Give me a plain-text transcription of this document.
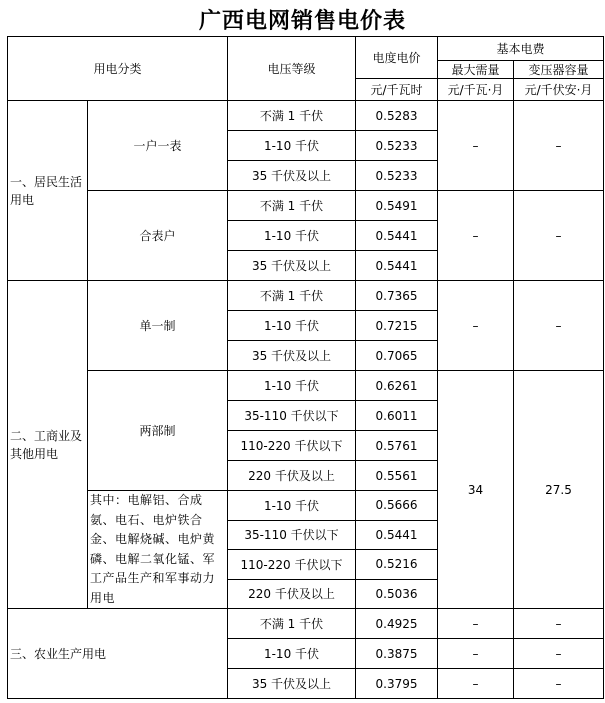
广西电网销售电价表
用电分类		电压等级	电度电价	基本电费	
				最大需量	变压器容量
			元/千瓦时	元/千瓦·月	元/千伏安·月
一、居民生活用电	一户一表	不满 1 千伏	0.5283	–	–
		1-10 千伏	0.5233		
		35 千伏及以上	0.5233		
	合表户	不满 1 千伏	0.5491	–	–
		1-10 千伏	0.5441		
		35 千伏及以上	0.5441		
二、工商业及其他用电	单一制	不满 1 千伏	0.7365	–	–
		1-10 千伏	0.7215		
		35 千伏及以上	0.7065		
	两部制	1-10 千伏	0.6261	34	27.5
		35-110 千伏以下	0.6011		
		110-220 千伏以下	0.5761		
		220 千伏及以上	0.5561		
	其中：电解铝、合成氨、电石、电炉铁合金、电解烧碱、电炉黄磷、电解二氧化锰、军工产品生产和军事动力用电	1-10 千伏	0.5666		
		35-110 千伏以下	0.5441		
		110-220 千伏以下	0.5216		
		220 千伏及以上	0.5036		
三、农业生产用电		不满 1 千伏	0.4925	–	–
		1-10 千伏	0.3875	–	–
		35 千伏及以上	0.3795	–	–
